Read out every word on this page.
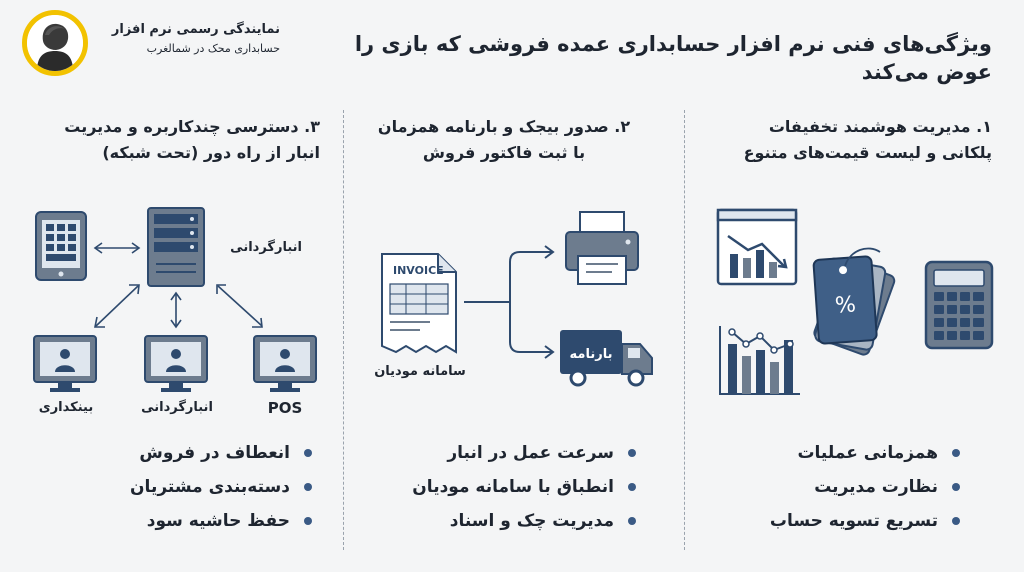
نمایندگی رسمی نرم افزار
حسابداری محک در شمالغرب	ویژگی‌های فنی نرم افزار حسابداری عمده فروشی که بازی را عوض می‌کند
۱. مدیریت هوشمند تخفیفات
پلکانی و لیست قیمت‌های متنوع
%
همزمانی عملیات
نظارت مدیریت
تسریع تسویه حساب
۲. صدور بیجک و بارنامه همزمان
با ثبت فاکتور فروش
INVOICE
بارنامه
سامانه مودیان
سرعت عمل در انبار
انطباق با سامانه مودیان
مدیریت چک و اسناد
۳. دسترسی چندکاربره و مدیریت
انبار از راه دور (تحت شبکه)
انبارگردانی
بینکداری	انبارگردانی	POS
انعطاف در فروش
دسته‌بندی مشتریان
حفظ حاشیه سود
